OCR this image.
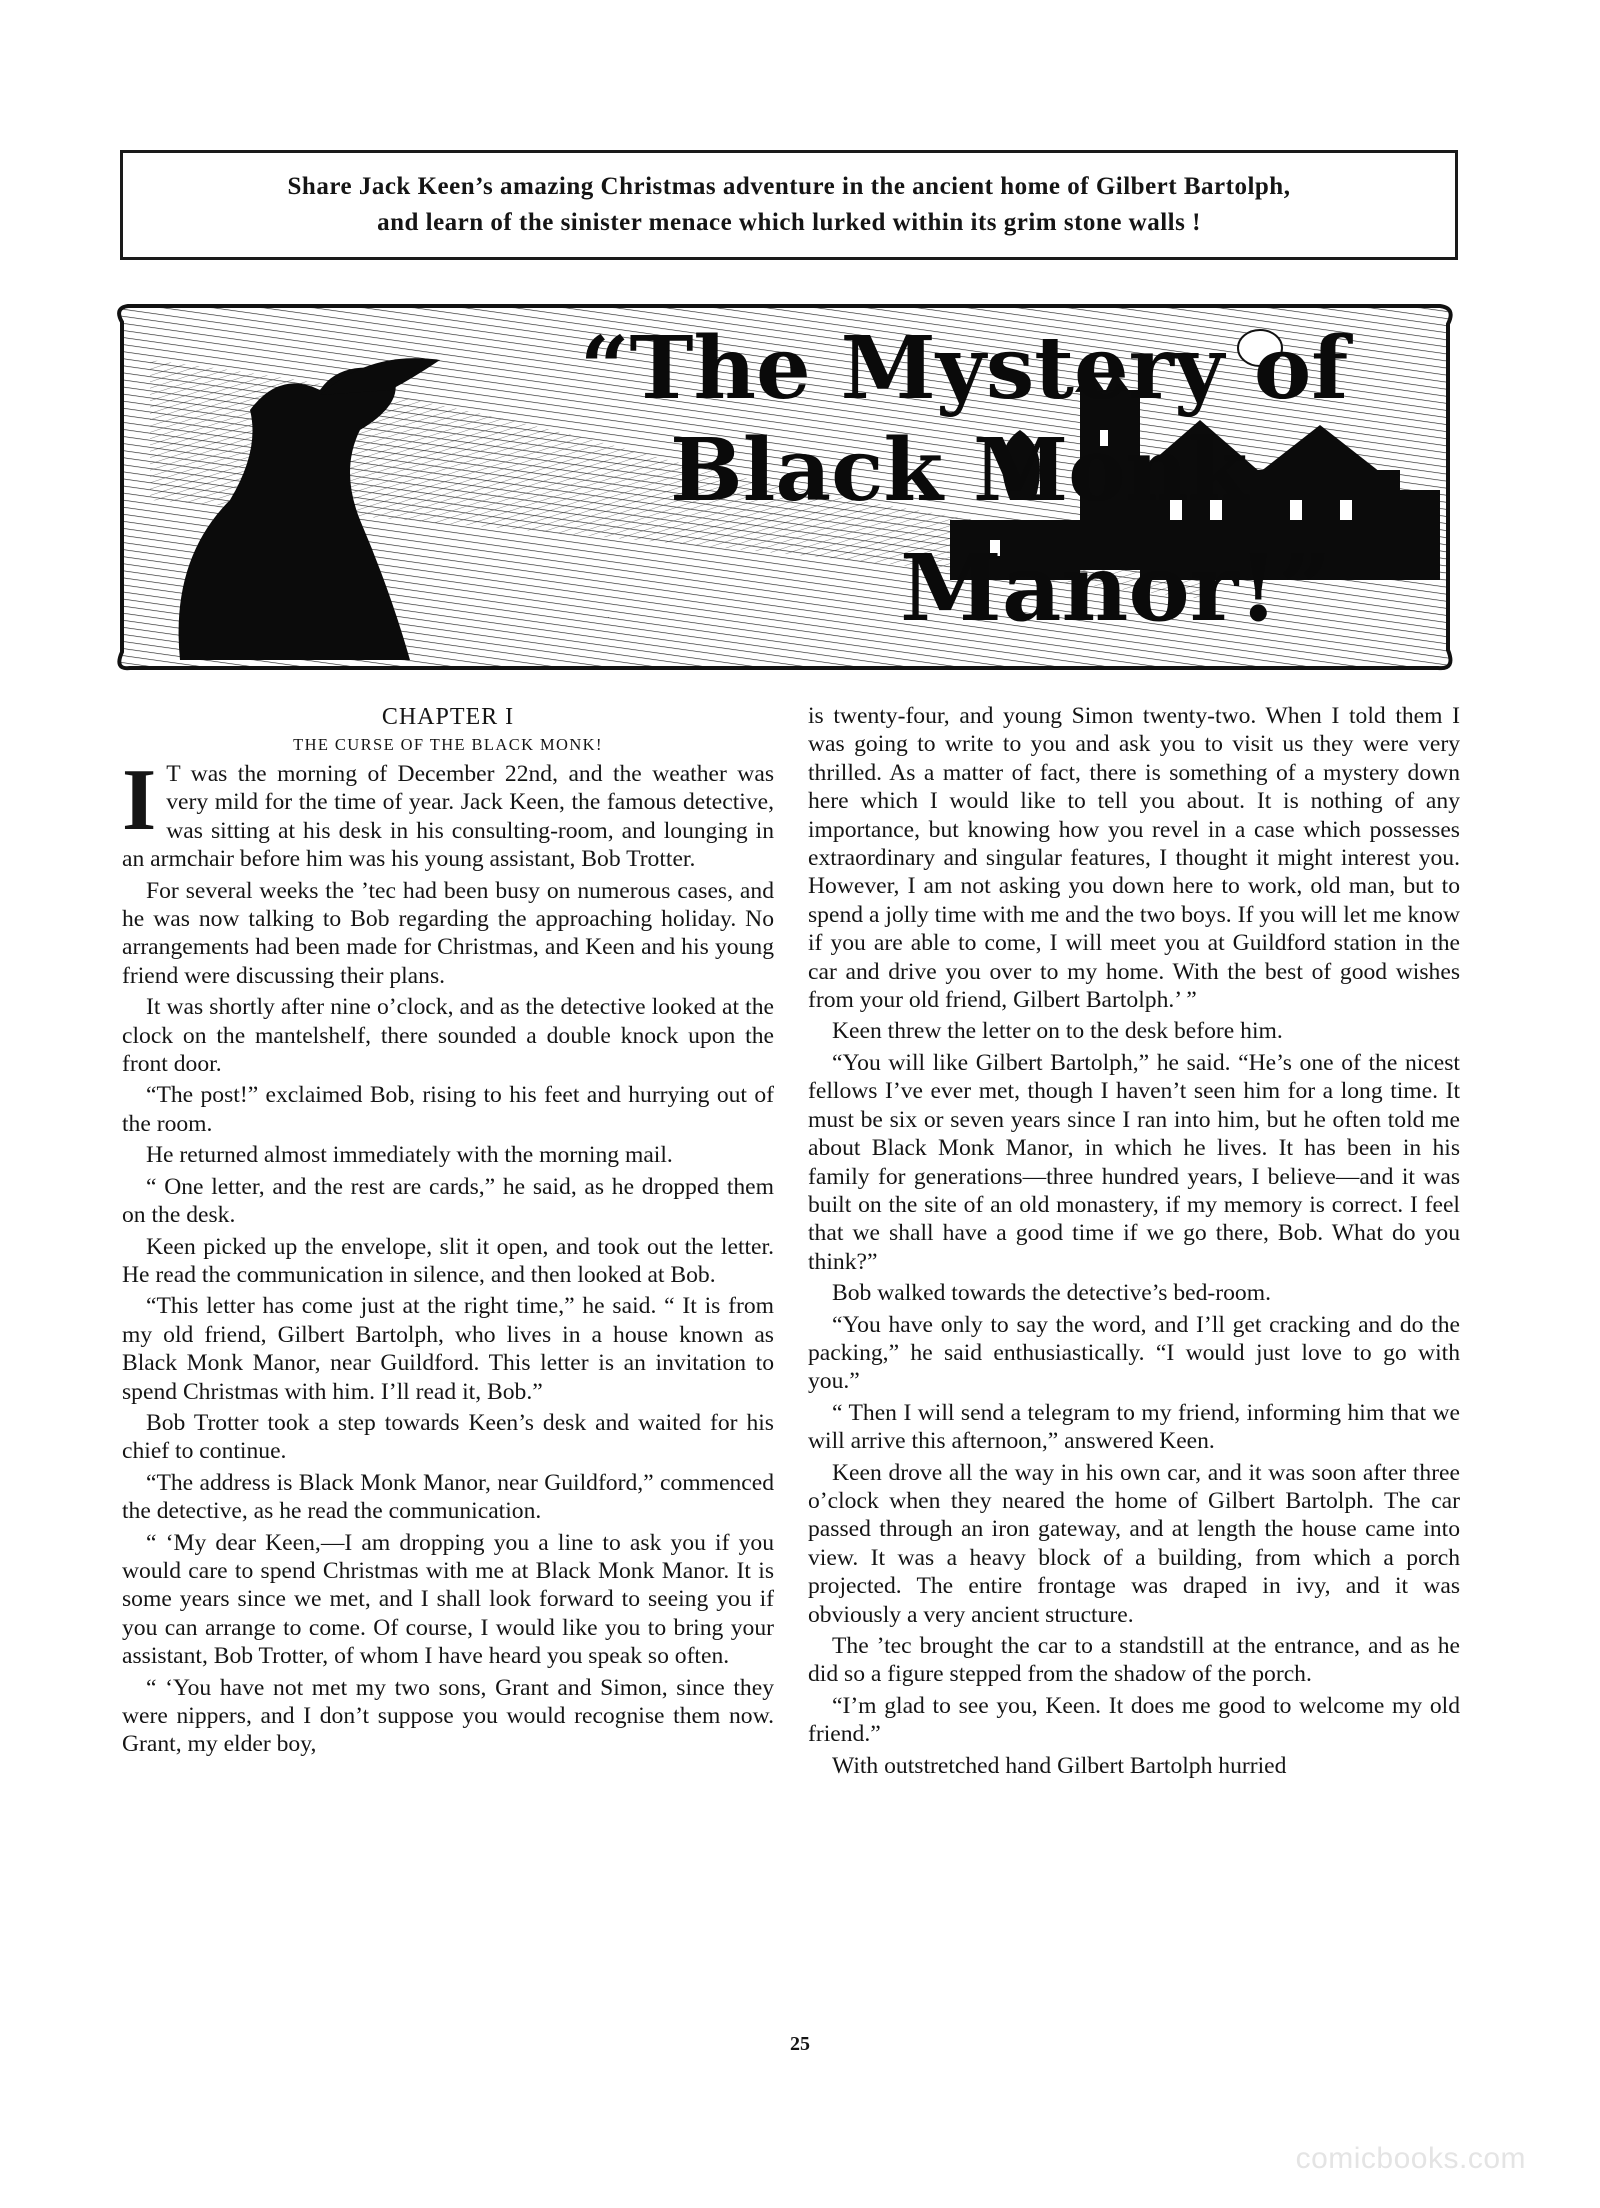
Share Jack Keen’s amazing Christmas adventure in the ancient home of Gilbert Bartolph,
and learn of the sinister menace which lurked within its grim stone walls !
“The Mystery of
Black Monk
Manor!”
CHAPTER I
THE CURSE OF THE BLACK MONK!

I T was the morning of December 22nd, and the weather was very mild for the time of year. Jack Keen, the famous detective, was sitting at his desk in his consulting-room, and lounging in an armchair before him was his young assistant, Bob Trotter.

For several weeks the ’tec had been busy on numerous cases, and he was now talking to Bob regarding the approaching holiday. No arrangements had been made for Christmas, and Keen and his young friend were discussing their plans.

It was shortly after nine o’clock, and as the detective looked at the clock on the mantelshelf, there sounded a double knock upon the front door.

“The post!” exclaimed Bob, rising to his feet and hurrying out of the room.

He returned almost immediately with the morning mail.

“ One letter, and the rest are cards,” he said, as he dropped them on the desk.

Keen picked up the envelope, slit it open, and took out the letter. He read the communication in silence, and then looked at Bob.

“This letter has come just at the right time,” he said. “ It is from my old friend, Gilbert Bartolph, who lives in a house known as Black Monk Manor, near Guildford. This letter is an invitation to spend Christmas with him. I’ll read it, Bob.”

Bob Trotter took a step towards Keen’s desk and waited for his chief to continue.

“The address is Black Monk Manor, near Guildford,” commenced the detective, as he read the communication.

“ ‘My dear Keen,—I am dropping you a line to ask you if you would care to spend Christmas with me at Black Monk Manor. It is some years since we met, and I shall look forward to seeing you if you can arrange to come. Of course, I would like you to bring your assistant, Bob Trotter, of whom I have heard you speak so often.

“ ‘You have not met my two sons, Grant and Simon, since they were nippers, and I don’t suppose you would recognise them now. Grant, my elder boy,

is twenty-four, and young Simon twenty-two. When I told them I was going to write to you and ask you to visit us they were very thrilled. As a matter of fact, there is something of a mystery down here which I would like to tell you about. It is nothing of any importance, but knowing how you revel in a case which possesses extraordinary and singular features, I thought it might interest you. However, I am not asking you down here to work, old man, but to spend a jolly time with me and the two boys. If you will let me know if you are able to come, I will meet you at Guildford station in the car and drive you over to my home. With the best of good wishes from your old friend, Gilbert Bartolph.’ ”

Keen threw the letter on to the desk before him.

“You will like Gilbert Bartolph,” he said. “He’s one of the nicest fellows I’ve ever met, though I haven’t seen him for a long time. It must be six or seven years since I ran into him, but he often told me about Black Monk Manor, in which he lives. It has been in his family for generations—three hundred years, I believe—and it was built on the site of an old monastery, if my memory is correct. I feel that we shall have a good time if we go there, Bob. What do you think?”

Bob walked towards the detective’s bed-room.

“You have only to say the word, and I’ll get cracking and do the packing,” he said enthusiastically. “I would just love to go with you.”

“ Then I will send a telegram to my friend, informing him that we will arrive this afternoon,” answered Keen.

Keen drove all the way in his own car, and it was soon after three o’clock when they neared the home of Gilbert Bartolph. The car passed through an iron gateway, and at length the house came into view. It was a heavy block of a building, from which a porch projected. The entire frontage was draped in ivy, and it was obviously a very ancient structure.

The ’tec brought the car to a standstill at the entrance, and as he did so a figure stepped from the shadow of the porch.

“I’m glad to see you, Keen. It does me good to welcome my old friend.”

With outstretched hand Gilbert Bartolph hurried

25
comicbooks.com
